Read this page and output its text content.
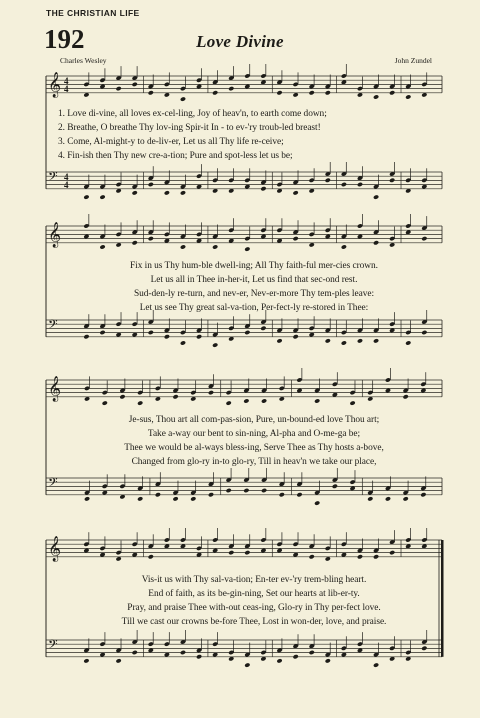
THE CHRISTIAN LIFE
192	Love Divine
Charles Wesley	John Zundel
𝄞
𝄢
4
4
4
4
𝄞
𝄢
𝄞
𝄢
𝄞
𝄢
1. Love di-vine, all loves ex-cel-ling, Joy of heav'n, to earth come down;
2. Breathe, O breathe Thy lov-ing Spir-it In - to ev-'ry troub-led breast!
3. Come, Al-might-y to de-liv-er, Let us all Thy life re-ceive;
4. Fin-ish then Thy new cre-a-tion; Pure and spot-less let us be;
Fix in us Thy hum-ble dwell-ing; All Thy faith-ful mer-cies crown.
Let us all in Thee in-her-it, Let us find that sec-ond rest.
Sud-den-ly re-turn, and nev-er, Nev-er-more Thy tem-ples leave:
Let us see Thy great sal-va-tion, Per-fect-ly re-stored in Thee:
Je-sus, Thou art all com-pas-sion, Pure, un-bound-ed love Thou art;
Take a-way our bent to sin-ning, Al-pha and O-me-ga be;
Thee we would be al-ways bless-ing, Serve Thee as Thy hosts a-bove,
Changed from glo-ry in-to glo-ry, Till in heav'n we take our place,
Vis-it us with Thy sal-va-tion; En-ter ev-'ry trem-bling heart.
End of faith, as its be-gin-ning, Set our hearts at lib-er-ty.
Pray, and praise Thee with-out ceas-ing, Glo-ry in Thy per-fect love.
Till we cast our crowns be-fore Thee, Lost in won-der, love, and praise.
